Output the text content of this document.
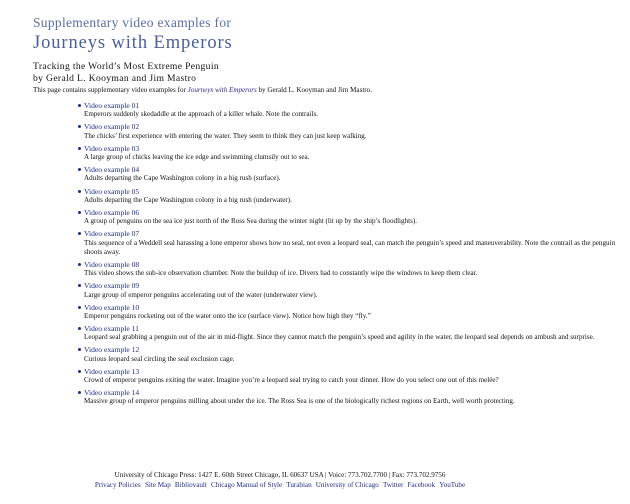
Supplementary video examples for
Journeys with Emperors
Tracking the World’s Most Extreme Penguin
by Gerald L. Kooyman and Jim Mastro
This page contains supplementary video examples for Journeys with Emperors by Gerald L. Kooyman and Jim Mastro.
Video example 01
Emperors suddenly skedaddle at the approach of a killer whale. Note the contrails.
Video example 02
The chicks’ first experience with entering the water. They seem to think they can just keep walking.
Video example 03
A large group of chicks leaving the ice edge and swimming clumsily out to sea.
Video example 04
Adults departing the Cape Washington colony in a big rush (surface).
Video example 05
Adults departing the Cape Washington colony in a big rush (underwater).
Video example 06
A group of penguins on the sea ice just north of the Ross Sea during the winter night (lit up by the ship’s floodlights).
Video example 07
This sequence of a Weddell seal harassing a lone emperor shows how no seal, not even a leopard seal, can match the penguin’s speed and maneuverability. Note the contrail as the penguin shoots away.
Video example 08
This video shows the sub-ice observation chamber. Note the buildup of ice. Divers had to constantly wipe the windows to keep them clear.
Video example 09
Large group of emperor penguins accelerating out of the water (underwater view).
Video example 10
Emperor penguins rocketing out of the water onto the ice (surface view). Notice how high they “fly.”
Video example 11
Leopard seal grabbing a penguin out of the air in mid-flight. Since they cannot match the penguin’s speed and agility in the water, the leopard seal depends on ambush and surprise.
Video example 12
Curious leopard seal circling the seal exclusion cage.
Video example 13
Crowd of emperor penguins exiting the water. Imagine you’re a leopard seal trying to catch your dinner. How do you select one out of this melée?
Video example 14
Massive group of emperor penguins milling about under the ice. The Ross Sea is one of the biologically richest regions on Earth, well worth protecting.
University of Chicago Press: 1427 E. 60th Street Chicago, IL 60637 USA | Voice: 773.702.7700 | Fax: 773.702.9756
Privacy Policies Site Map Bibliovault Chicago Manual of Style Turabian University of Chicago Twitter Facebook YouTube
